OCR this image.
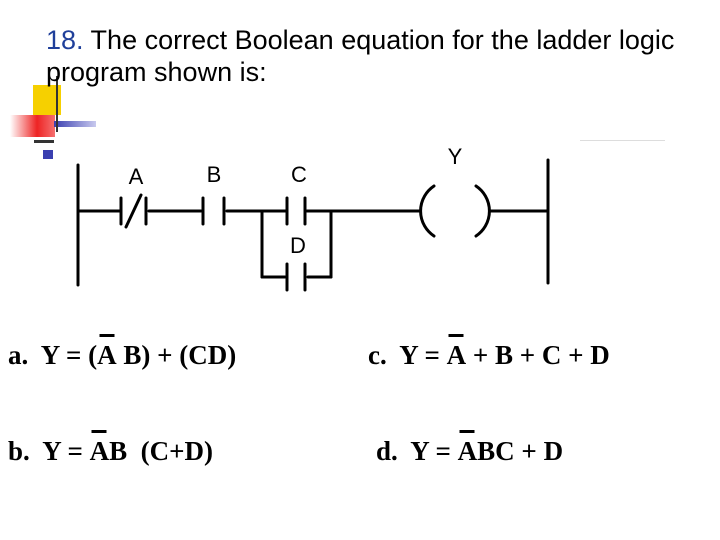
18. The correct Boolean equation for the ladder logic program shown is:
A	B	C
D
Y
a. Y = (A B) + (CD)
b. Y = AB  (C+D)
c. Y = A + B + C + D
d. Y = ABC + D
